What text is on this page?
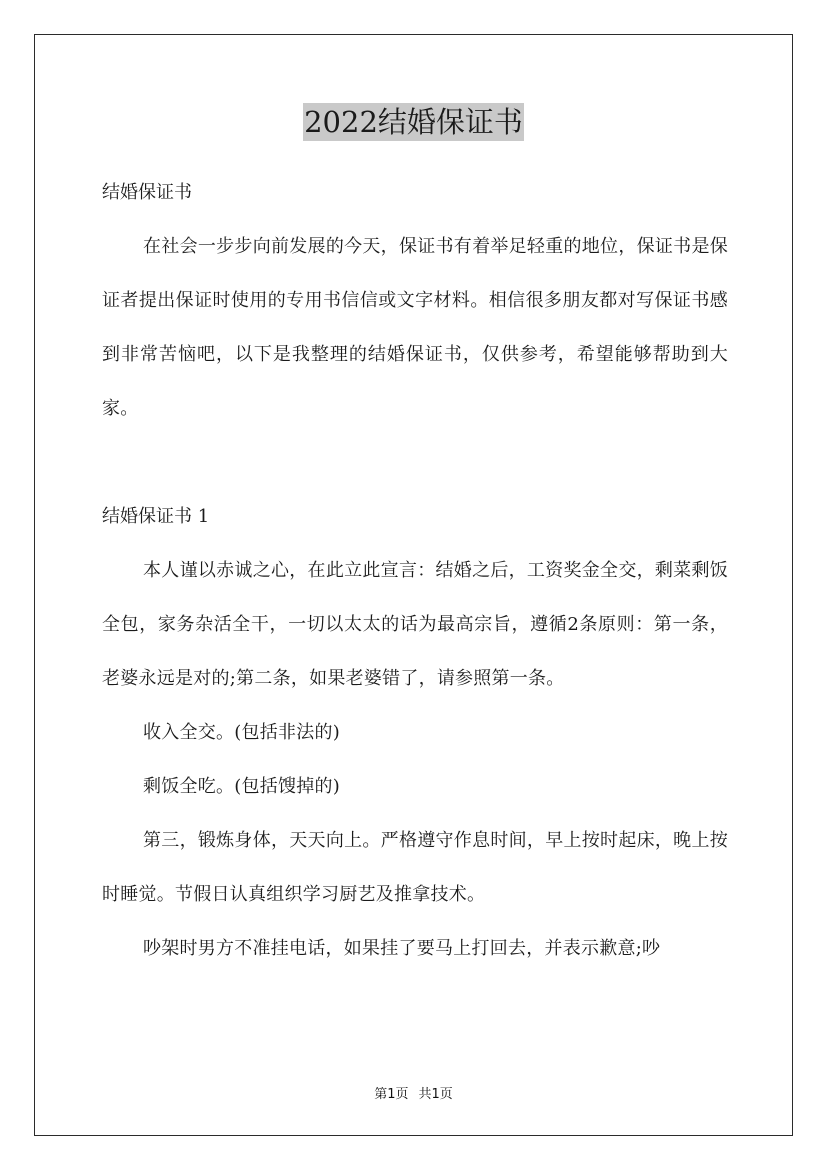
2022结婚保证书

结婚保证书

在社会一步步向前发展的今天，保证书有着举足轻重的地位，保证书是保证者提出保证时使用的专用书信信或文字材料。相信很多朋友都对写保证书感到非常苦恼吧，以下是我整理的结婚保证书，仅供参考，希望能够帮助到大家。

结婚保证书 1

本人谨以赤诚之心，在此立此宣言：结婚之后，工资奖金全交，剩菜剩饭全包，家务杂活全干，一切以太太的话为最高宗旨，遵循2条原则：第一条，老婆永远是对的;第二条，如果老婆错了，请参照第一条。

收入全交。(包括非法的)

剩饭全吃。(包括馊掉的)

第三，锻炼身体，天天向上。严格遵守作息时间，早上按时起床，晚上按时睡觉。节假日认真组织学习厨艺及推拿技术。

吵架时男方不准挂电话，如果挂了要马上打回去，并表示歉意;吵

第1页 共1页
